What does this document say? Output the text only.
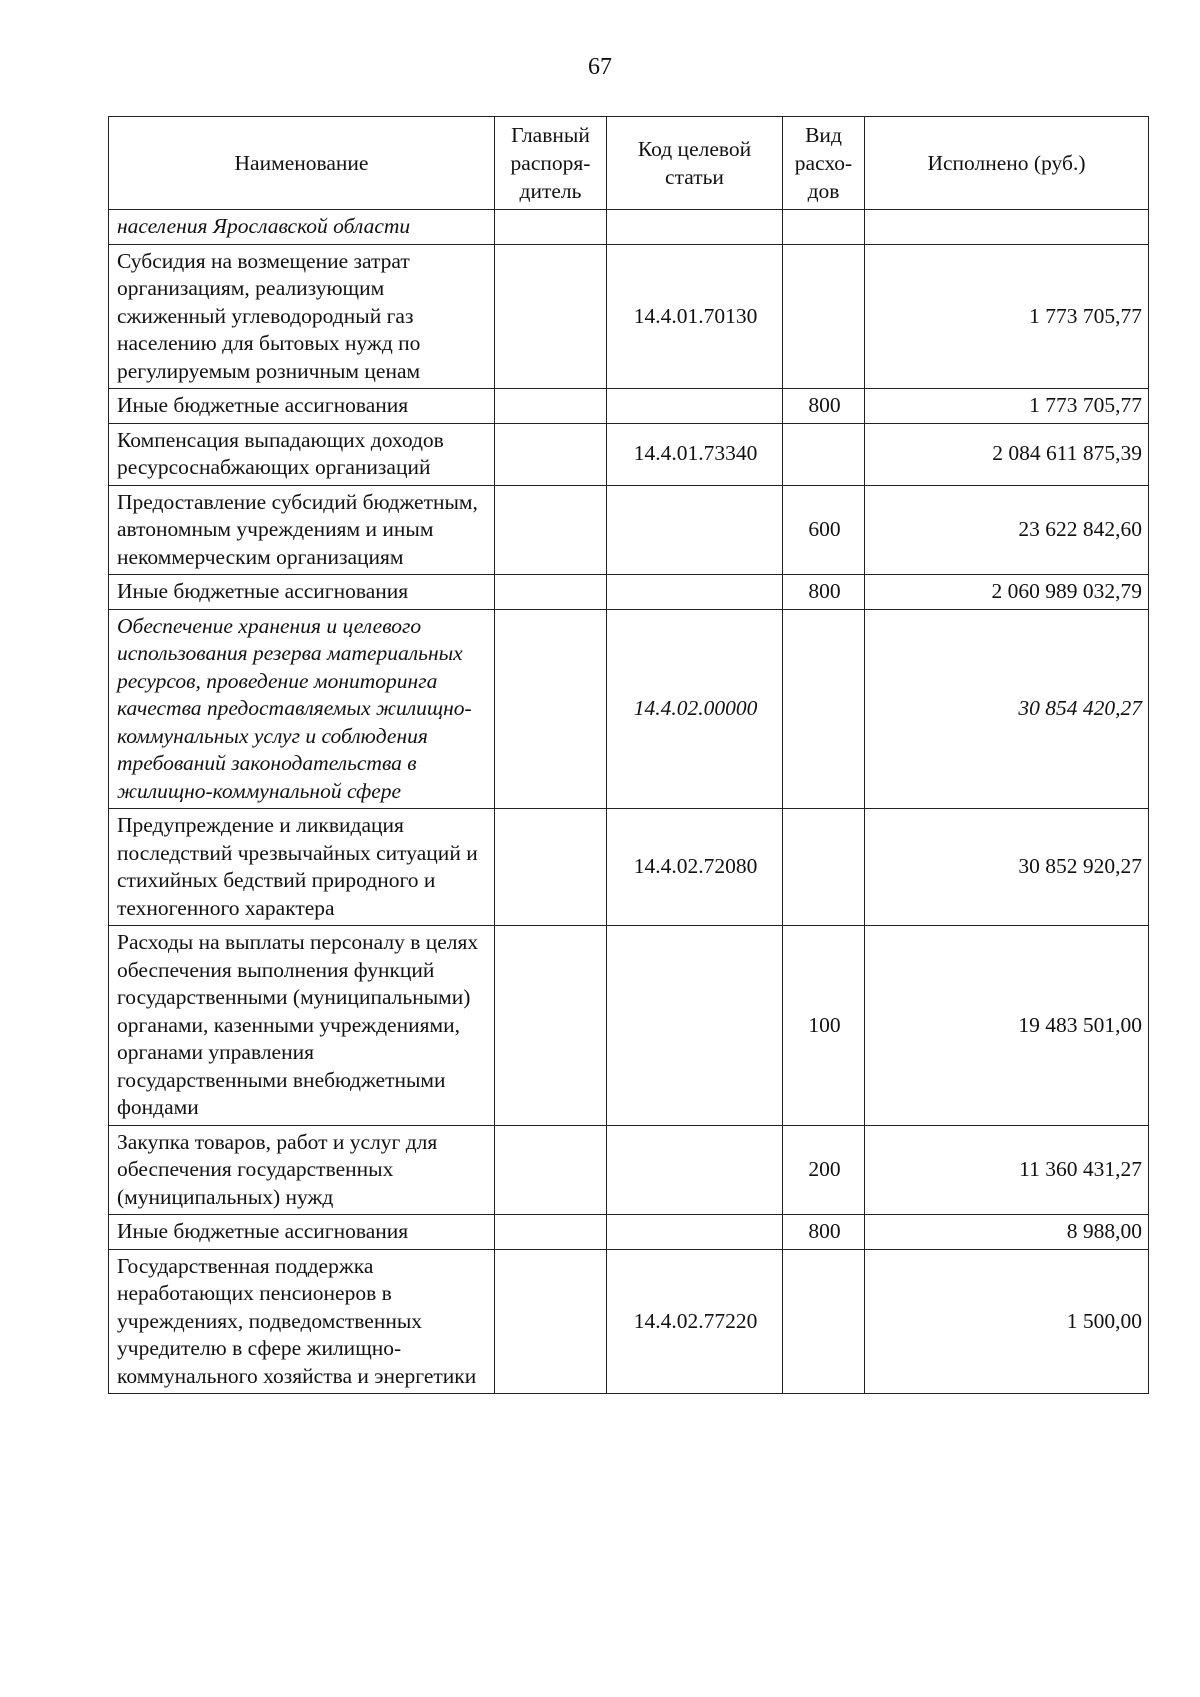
67
Наименование	Главный распоря-дитель	Код целевой статьи	Вид расхо-дов	Исполнено (руб.)
населения Ярославской области				
Субсидия на возмещение затрат организациям, реализующим сжиженный углеводородный газ населению для бытовых нужд по регулируемым розничным ценам		14.4.01.70130		1 773 705,77
Иные бюджетные ассигнования			800	1 773 705,77
Компенсация выпадающих доходов ресурсоснабжающих организаций		14.4.01.73340		2 084 611 875,39
Предоставление субсидий бюджетным, автономным учреждениям и иным некоммерческим организациям			600	23 622 842,60
Иные бюджетные ассигнования			800	2 060 989 032,79
Обеспечение хранения и целевого использования резерва материальных ресурсов, проведение мониторинга качества предоставляемых жилищно-коммунальных услуг и соблюдения требований законодательства в жилищно-коммунальной сфере		14.4.02.00000		30 854 420,27
Предупреждение и ликвидация последствий чрезвычайных ситуаций и стихийных бедствий природного и техногенного характера		14.4.02.72080		30 852 920,27
Расходы на выплаты персоналу в целях обеспечения выполнения функций государственными (муниципальными) органами, казенными учреждениями, органами управления государственными внебюджетными фондами			100	19 483 501,00
Закупка товаров, работ и услуг для обеспечения государственных (муниципальных) нужд			200	11 360 431,27
Иные бюджетные ассигнования			800	8 988,00
Государственная поддержка неработающих пенсионеров в учреждениях, подведомственных учредителю в сфере жилищно-коммунального хозяйства и энергетики		14.4.02.77220		1 500,00
